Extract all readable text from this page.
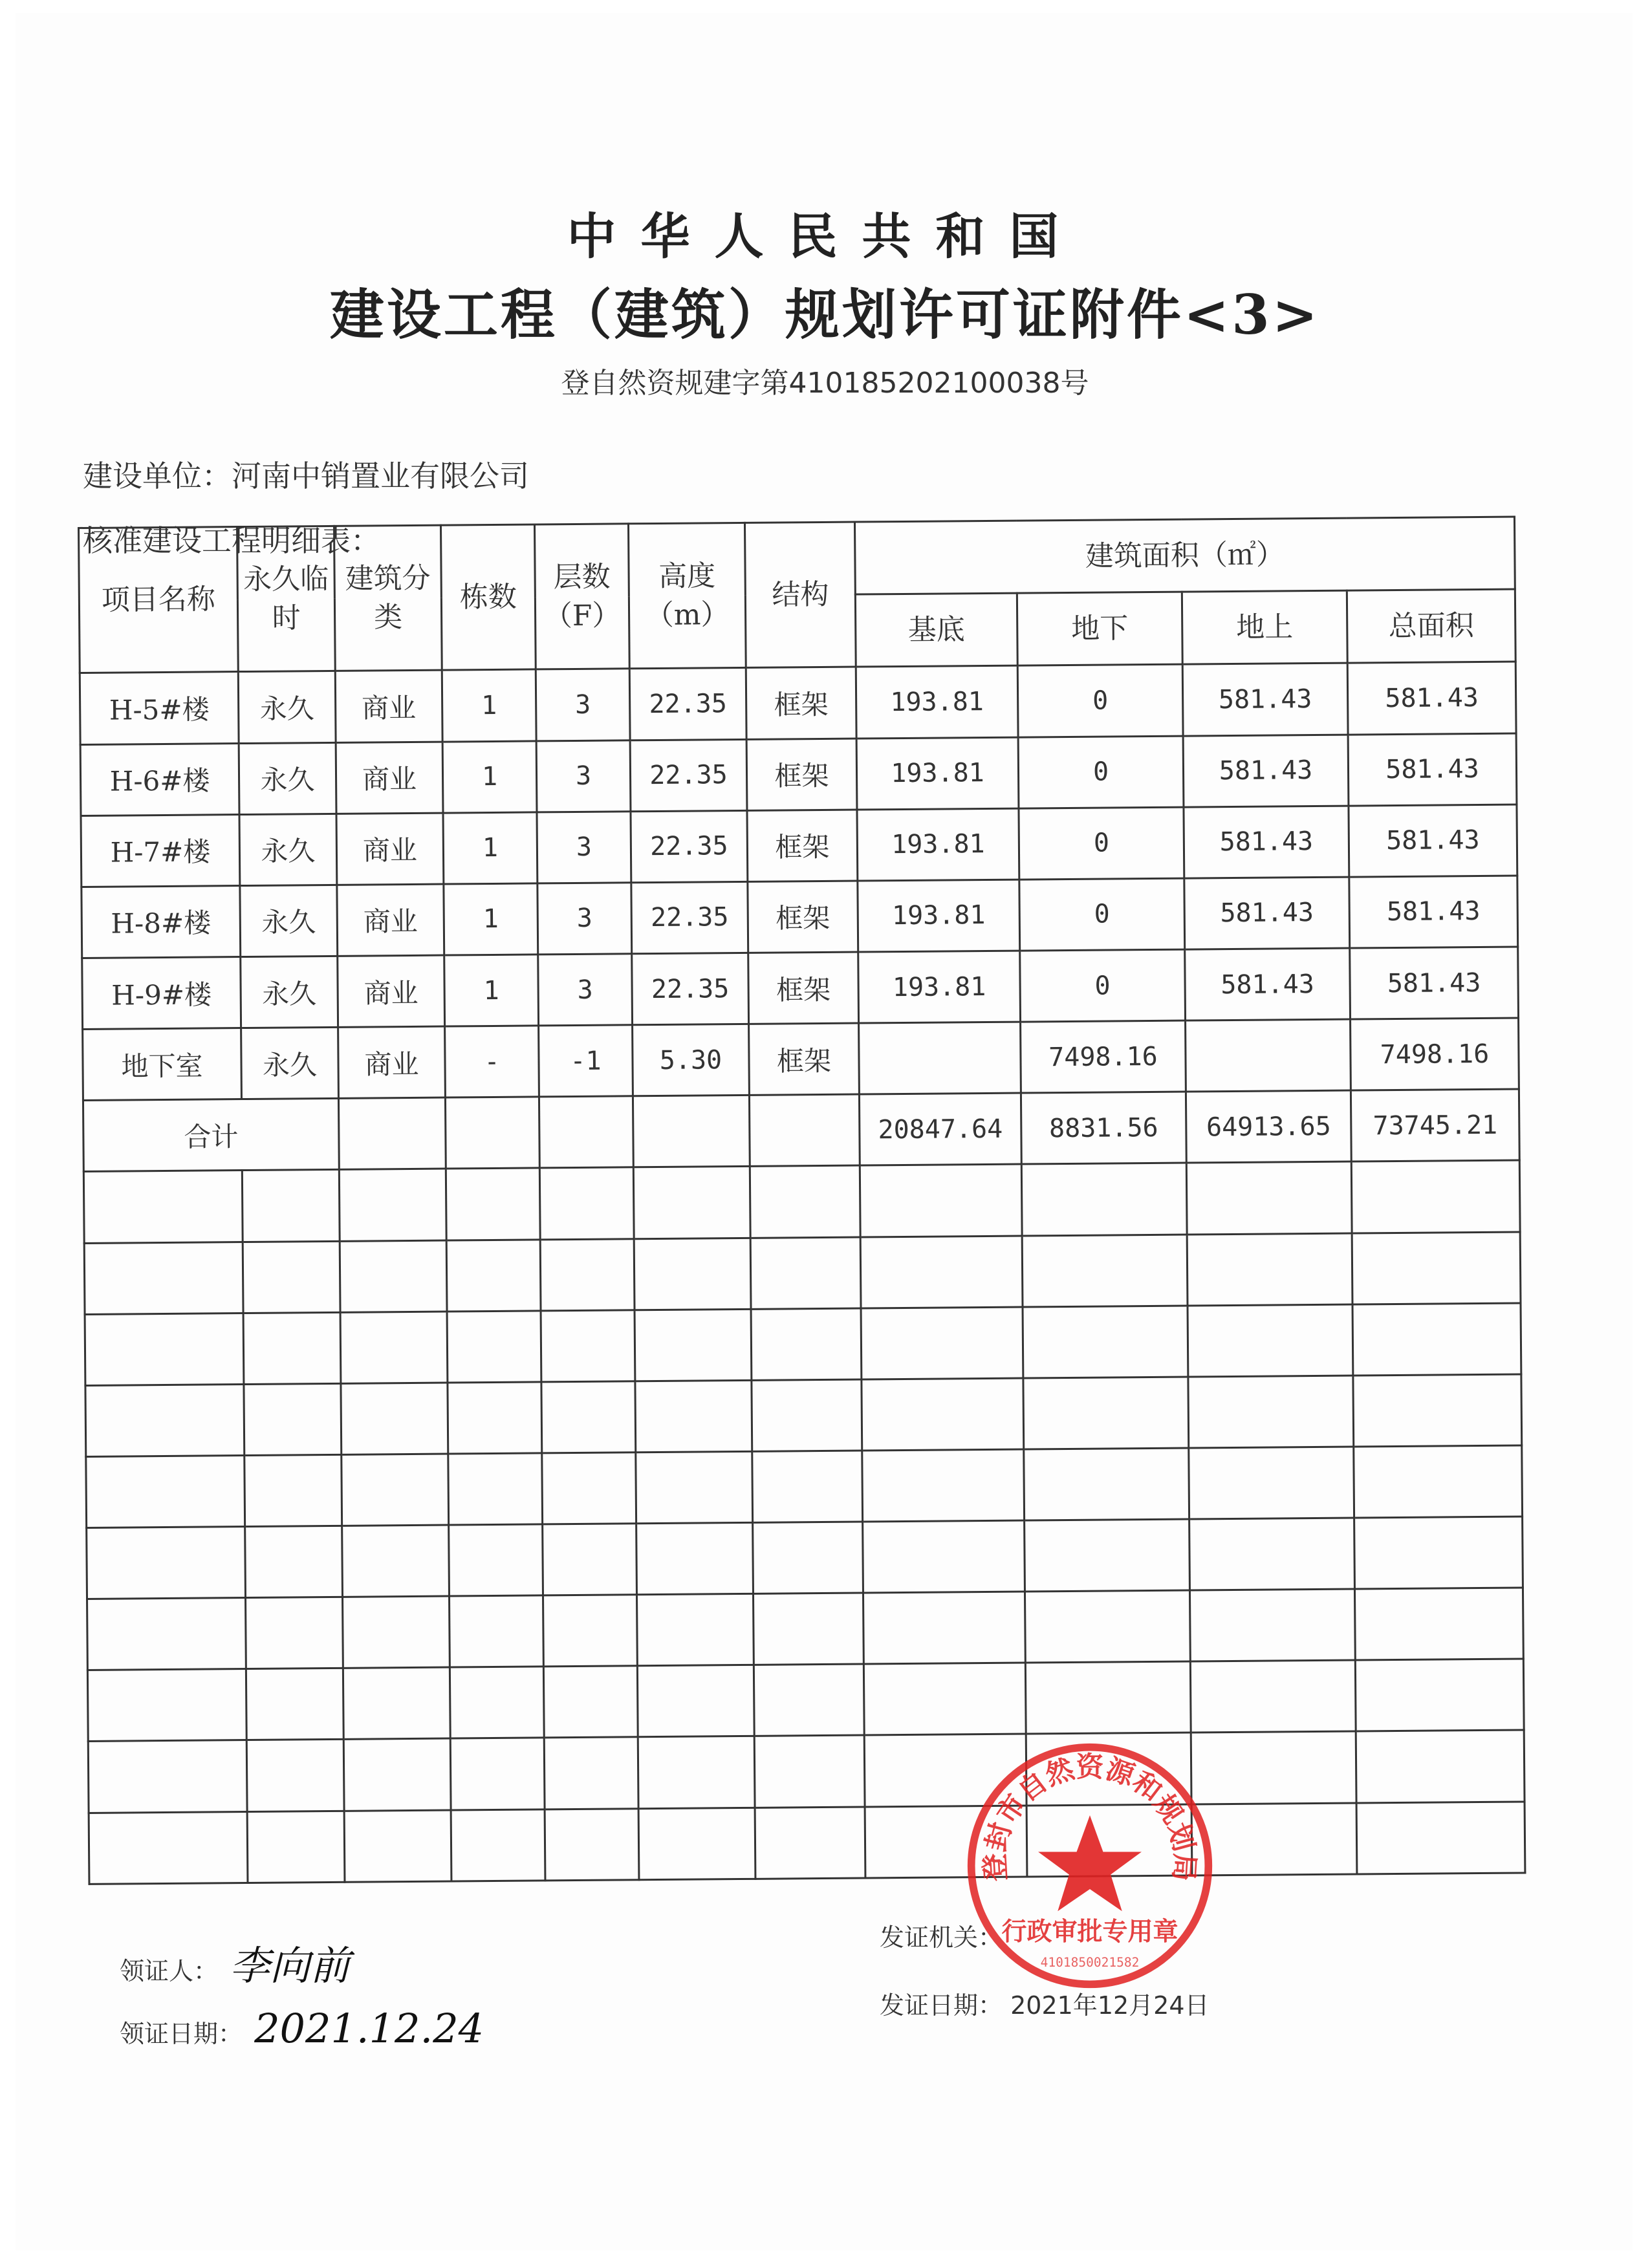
中华人民共和国
建设工程（建筑）规划许可证附件<3>
登自然资规建字第410185202100038号
建设单位：河南中销置业有限公司
核准建设工程明细表：
项目名称	永久临时	建筑分类	栋数	层数（F）	高度（m）	结构	建筑面积（㎡）			
							基底	地下	地上	总面积
H-5#楼	永久	商业	1	3	22.35	框架	193.81	0	581.43	581.43
H-6#楼	永久	商业	1	3	22.35	框架	193.81	0	581.43	581.43
H-7#楼	永久	商业	1	3	22.35	框架	193.81	0	581.43	581.43
H-8#楼	永久	商业	1	3	22.35	框架	193.81	0	581.43	581.43
H-9#楼	永久	商业	1	3	22.35	框架	193.81	0	581.43	581.43
地下室	永久	商业	-	-1	5.30	框架		7498.16		7498.16
合计							20847.64	8831.56	64913.65	73745.21

领证人： 李向前
领证日期： 2021.12.24
发证机关：
发证日期： 2021年12月24日
登封市自然资源和规划局
行政审批专用章
4101850021582
